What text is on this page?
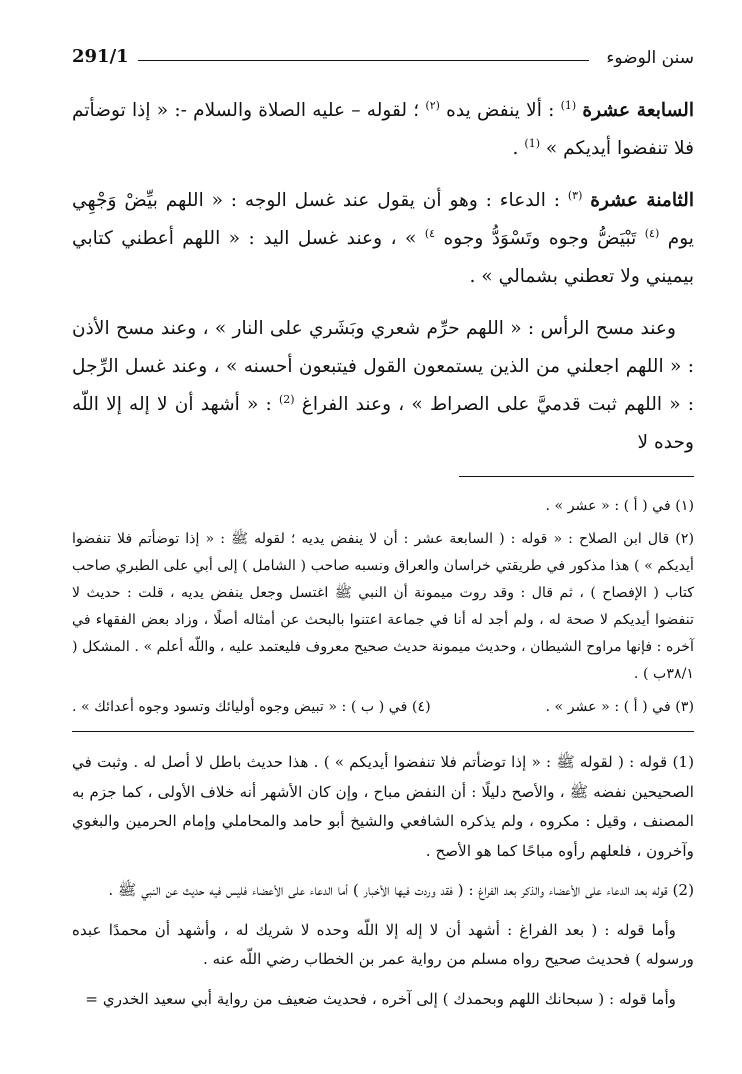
سنن الوضوء
291/1

السابعة عشرة $^{(1)}$ : ألا ينفض يده $^{(٢)}$ ؛ لقوله – عليه الصلاة والسلام -: « إذا توضأتم فلا تنفضوا أيديكم » $^{(1)}$ .

الثامنة عشرة $^{(٣)}$ : الدعاء : وهو أن يقول عند غسل الوجه : « اللهم بيِّضْ وَجْهِي يوم $^{(٤)}$ تَبْيَضُّ وجوه وتَسْوَدُّ وجوه $^{٤)}$ » ، وعند غسل اليد : « اللهم أعطني كتابي بيميني ولا تعطني بشمالي » .

وعند مسح الرأس : « اللهم حرِّم شعري وبَشَري على النار » ، وعند مسح الأذن : « اللهم اجعلني من الذين يستمعون القول فيتبعون أحسنه » ، وعند غسل الرِّجل : « اللهم ثبت قدميَّ على الصراط » ، وعند الفراغ $^{(2)}$ : « أشهد أن لا إله إلا اللّه وحده لا

(١) في ( أ ) : « عشر » .

(٢) قال ابن الصلاح : « قوله : ( السابعة عشر : أن لا ينفض يديه ؛ لقوله ﷺ : « إذا توضأتم فلا تنفضوا أيديكم » ) هذا مذكور في طريقتي خراسان والعراق ونسبه صاحب ( الشامل ) إلى أبي على الطبري صاحب كتاب ( الإفصاح ) ، ثم قال : وقد روت ميمونة أن النبي ﷺ اغتسل وجعل ينفض يديه ، قلت : حديث لا تنفضوا أيديكم لا صحة له ، ولم أجد له أنا في جماعة اعتنوا بالبحث عن أمثاله أصلًا ، وزاد بعض الفقهاء في آخره : فإنها مراوح الشيطان ، وحديث ميمونة حديث صحيح معروف فليعتمد عليه ، واللّه أعلم » . المشكل ( ٣٨/١ب ) .

(٣) في ( أ ) : « عشر » .
(٤) في ( ب ) : « تبيض وجوه أوليائك وتسود وجوه أعدائك » .

(1) قوله : ( لقوله ﷺ : « إذا توضأتم فلا تنفضوا أيديكم » ) . هذا حديث باطل لا أصل له . وثبت في الصحيحين نفضه ﷺ ، والأصح دليلًا : أن النفض مباح ، وإن كان الأشهر أنه خلاف الأولى ، كما جزم به المصنف ، وقيل : مكروه ، ولم يذكره الشافعي والشيخ أبو حامد والمحاملي وإمام الحرمين والبغوي وآخرون ، فلعلهم رأوه مباحًا كما هو الأصح .

(2) قوله بعد الدعاء على الأعضاء والذكر بعد الفراغ : ( فقد وردت فيها الأخبار ) أما الدعاء على الأعضاء فليس فيه حديث عن النبي ﷺ .

وأما قوله : ( بعد الفراغ : أشهد أن لا إله إلا اللّه وحده لا شريك له ، وأشهد أن محمدًا عبده ورسوله ) فحديث صحيح رواه مسلم من رواية عمر بن الخطاب رضي اللّه عنه .

وأما قوله : ( سبحانك اللهم وبحمدك ) إلى آخره ، فحديث ضعيف من رواية أبي سعيد الخدري =
